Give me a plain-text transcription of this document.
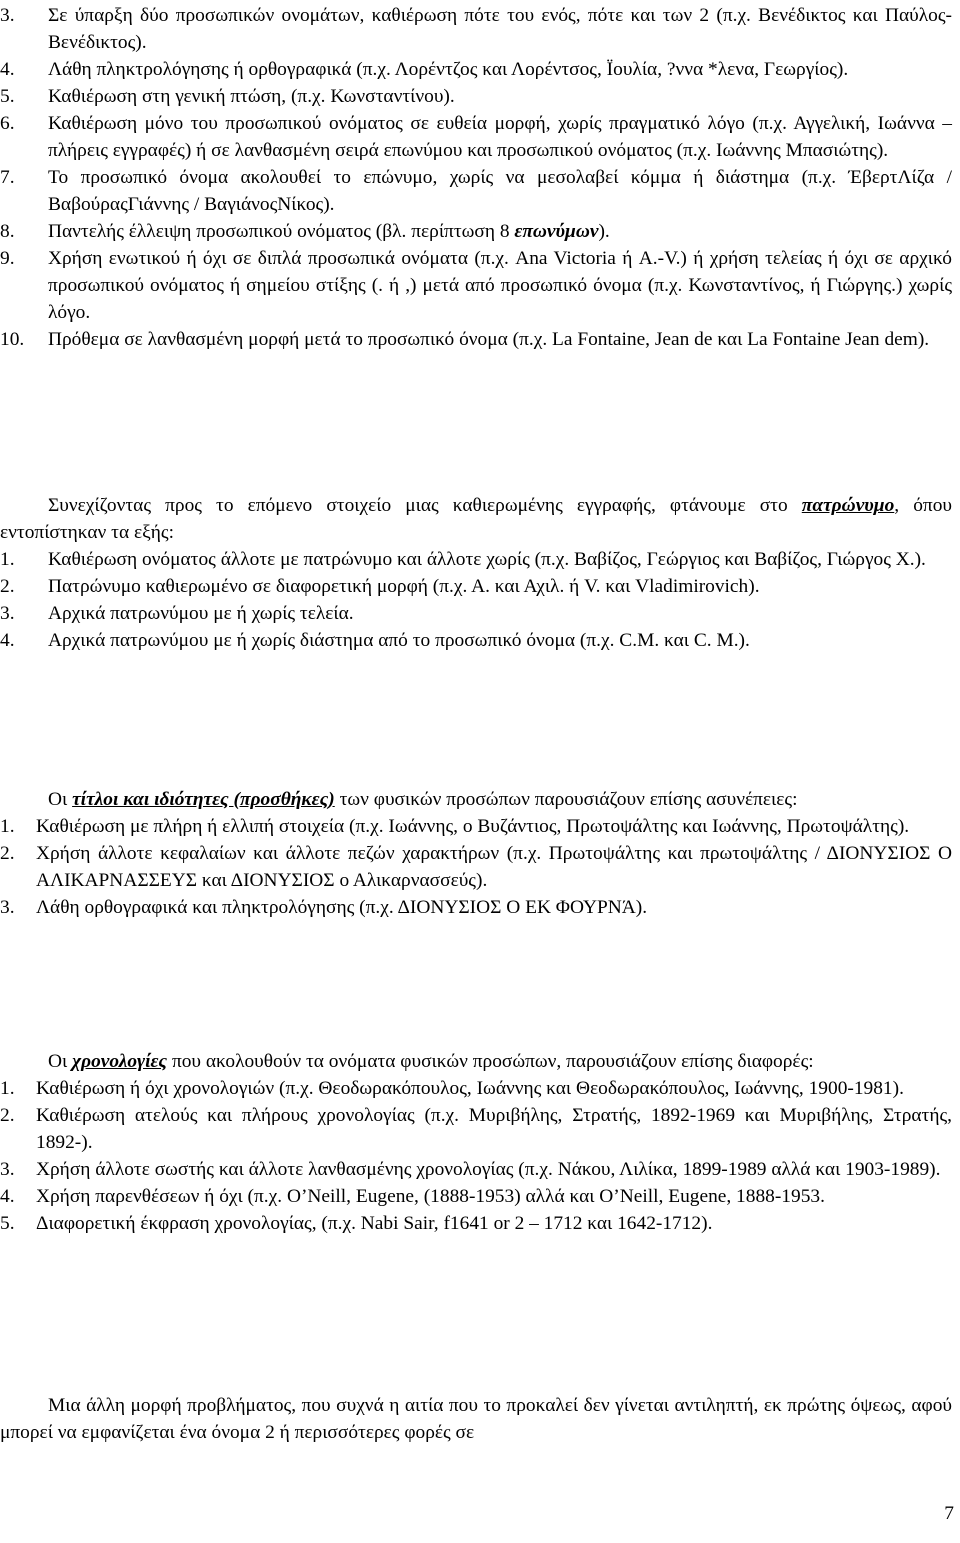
3. Σε ύπαρξη δύο προσωπικών ονομάτων, καθιέρωση πότε του ενός, πότε και των 2 (π.χ. Βενέδικτος και Παύλος-Βενέδικτος).
4. Λάθη πληκτρολόγησης ή ορθογραφικά (π.χ. Λορέντζος και Λορέντσος, Ϊουλία, ?ννα *λενα, Γεωργίος).
5. Καθιέρωση στη γενική πτώση, (π.χ. Κωνσταντίνου).
6. Καθιέρωση μόνο του προσωπικού ονόματος σε ευθεία μορφή, χωρίς πραγματικό λόγο (π.χ. Αγγελική, Ιωάννα – πλήρεις εγγραφές) ή σε λανθασμένη σειρά επωνύμου και προσωπικού ονόματος (π.χ. Ιωάννης Μπασιώτης).
7. Το προσωπικό όνομα ακολουθεί το επώνυμο, χωρίς να μεσολαβεί κόμμα ή διάστημα (π.χ. ΈβερτΛίζα / ΒαβούραςΓιάννης / ΒαγιάνοςΝίκος).
8. Παντελής έλλειψη προσωπικού ονόματος (βλ. περίπτωση 8 επωνύμων).
9. Χρήση ενωτικού ή όχι σε διπλά προσωπικά ονόματα (π.χ. Ana Victoria ή A.-V.) ή χρήση τελείας ή όχι σε αρχικό προσωπικού ονόματος ή σημείου στίξης (. ή ,) μετά από προσωπικό όνομα (π.χ. Κωνσταντίνος, ή Γιώργης.) χωρίς λόγο.
10. Πρόθεμα σε λανθασμένη μορφή μετά το προσωπικό όνομα (π.χ. La Fontaine, Jean de και La Fontaine Jean dem).

Συνεχίζοντας προς το επόμενο στοιχείο μιας καθιερωμένης εγγραφής, φτάνουμε στο πατρώνυμο, όπου εντοπίστηκαν τα εξής:

1. Καθιέρωση ονόματος άλλοτε με πατρώνυμο και άλλοτε χωρίς (π.χ. Βαβίζος, Γεώργιος και Βαβίζος, Γιώργος Χ.).
2. Πατρώνυμο καθιερωμένο σε διαφορετική μορφή (π.χ. Α. και Αχιλ. ή V. και Vladimirovich).
3. Αρχικά πατρωνύμου με ή χωρίς τελεία.
4. Αρχικά πατρωνύμου με ή χωρίς διάστημα από το προσωπικό όνομα (π.χ. C.M. και C. M.).

Οι τίτλοι και ιδιότητες (προσθήκες) των φυσικών προσώπων παρουσιάζουν επίσης ασυνέπειες:

1. Καθιέρωση με πλήρη ή ελλιπή στοιχεία (π.χ. Ιωάννης, ο Βυζάντιος, Πρωτοψάλτης και Ιωάννης, Πρωτοψάλτης).
2. Χρήση άλλοτε κεφαλαίων και άλλοτε πεζών χαρακτήρων (π.χ. Πρωτοψάλτης και πρωτοψάλτης / ΔΙΟΝΥΣΙΟΣ Ο ΑΛΙΚΑΡΝΑΣΣΕΥΣ και ΔΙΟΝΥΣΙΟΣ ο Αλικαρνασσεύς).
3. Λάθη ορθογραφικά και πληκτρολόγησης (π.χ. ΔΙΟΝΥΣΙΟΣ Ο ΕΚ ΦΟΥΡΝΆ).

Οι χρονολογίες που ακολουθούν τα ονόματα φυσικών προσώπων, παρουσιάζουν επίσης διαφορές:

1. Καθιέρωση ή όχι χρονολογιών (π.χ. Θεοδωρακόπουλος, Ιωάννης και Θεοδωρακόπουλος, Ιωάννης, 1900-1981).
2. Καθιέρωση ατελούς και πλήρους χρονολογίας (π.χ. Μυριβήλης, Στρατής, 1892-1969 και Μυριβήλης, Στρατής, 1892-).
3. Χρήση άλλοτε σωστής και άλλοτε λανθασμένης χρονολογίας (π.χ. Νάκου, Λιλίκα, 1899-1989 αλλά και 1903-1989).
4. Χρήση παρενθέσεων ή όχι (π.χ. O’Neill, Eugene, (1888-1953) αλλά και O’Neill, Eugene, 1888-1953.
5. Διαφορετική έκφραση χρονολογίας, (π.χ. Nabi Sair, f1641 or 2 – 1712 και 1642-1712).

Μια άλλη μορφή προβλήματος, που συχνά η αιτία που το προκαλεί δεν γίνεται αντιληπτή, εκ πρώτης όψεως, αφού μπορεί να εμφανίζεται ένα όνομα 2 ή περισσότερες φορές σε

7
